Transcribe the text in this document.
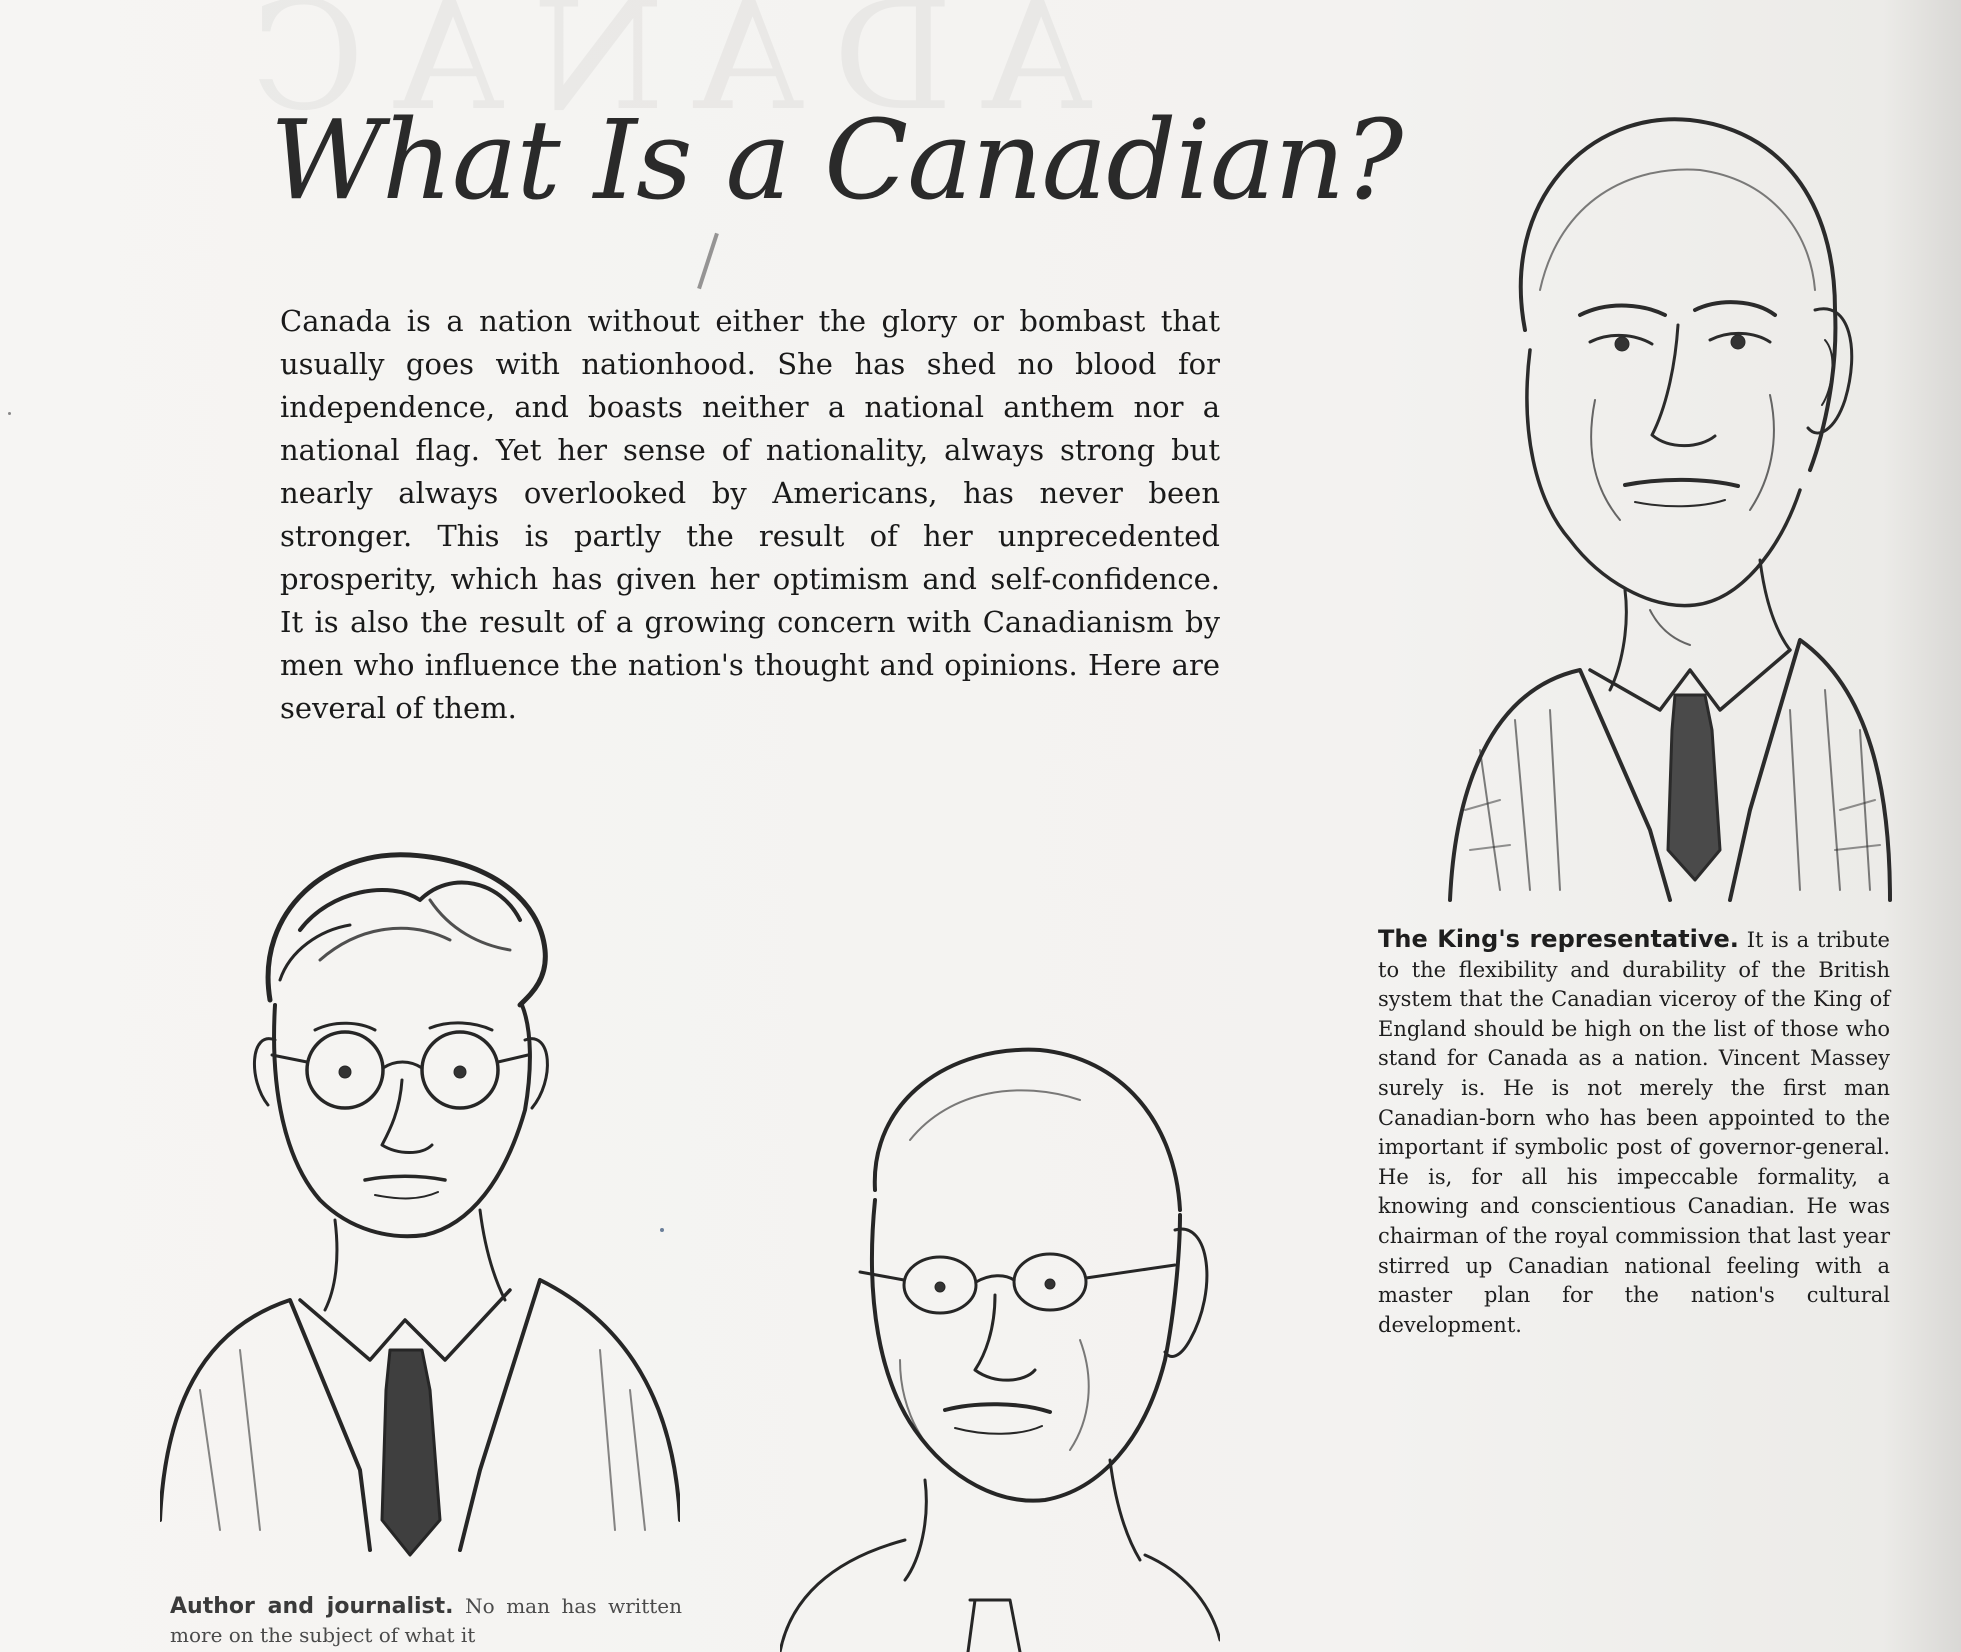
What Is a Canadian?

Canada is a nation without either the glory or bombast that usually goes with nationhood. She has shed no blood for independence, and boasts neither a national anthem nor a national flag. Yet her sense of nationality, always strong but nearly always overlooked by Americans, has never been stronger. This is partly the result of her unprecedented prosperity, which has given her optimism and self-confidence. It is also the result of a growing concern with Canadianism by men who influence the nation's thought and opinions. Here are several of them.

The King's representative. It is a tribute to the flexibility and durability of the British system that the Canadian viceroy of the King of England should be high on the list of those who stand for Canada as a nation. Vincent Massey surely is. He is not merely the first man Canadian-born who has been appointed to the important if symbolic post of governor-general. He is, for all his impeccable formality, a knowing and conscientious Canadian. He was chairman of the royal commission that last year stirred up Canadian national feeling with a master plan for the nation's cultural development.

Author and journalist. No man has written more on the subject of what it
